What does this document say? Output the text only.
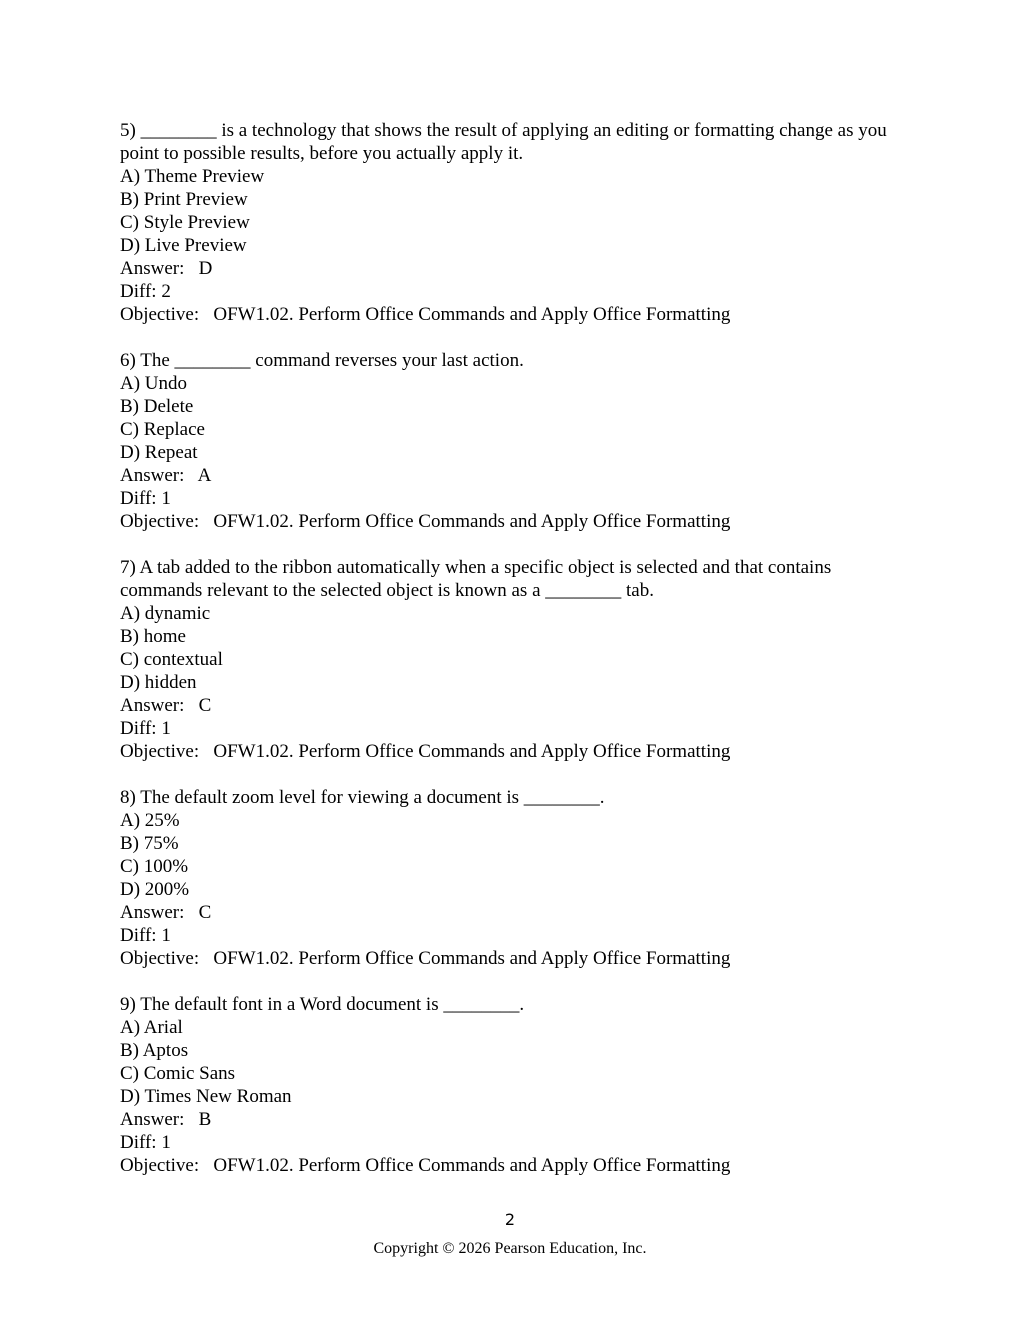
5) ________ is a technology that shows the result of applying an editing or formatting change as you point to possible results, before you actually apply it.
A) Theme Preview
B) Print Preview
C) Style Preview
D) Live Preview
Answer:   D
Diff: 2
Objective:   OFW1.02. Perform Office Commands and Apply Office Formatting
6) The ________ command reverses your last action.
A) Undo
B) Delete
C) Replace
D) Repeat
Answer:   A
Diff: 1
Objective:   OFW1.02. Perform Office Commands and Apply Office Formatting
7) A tab added to the ribbon automatically when a specific object is selected and that contains commands relevant to the selected object is known as a ________ tab.
A) dynamic
B) home
C) contextual
D) hidden
Answer:   C
Diff: 1
Objective:   OFW1.02. Perform Office Commands and Apply Office Formatting
8) The default zoom level for viewing a document is ________.
A) 25%
B) 75%
C) 100%
D) 200%
Answer:   C
Diff: 1
Objective:   OFW1.02. Perform Office Commands and Apply Office Formatting
9) The default font in a Word document is ________.
A) Arial
B) Aptos
C) Comic Sans
D) Times New Roman
Answer:   B
Diff: 1
Objective:   OFW1.02. Perform Office Commands and Apply Office Formatting
2
Copyright © 2026 Pearson Education, Inc.
